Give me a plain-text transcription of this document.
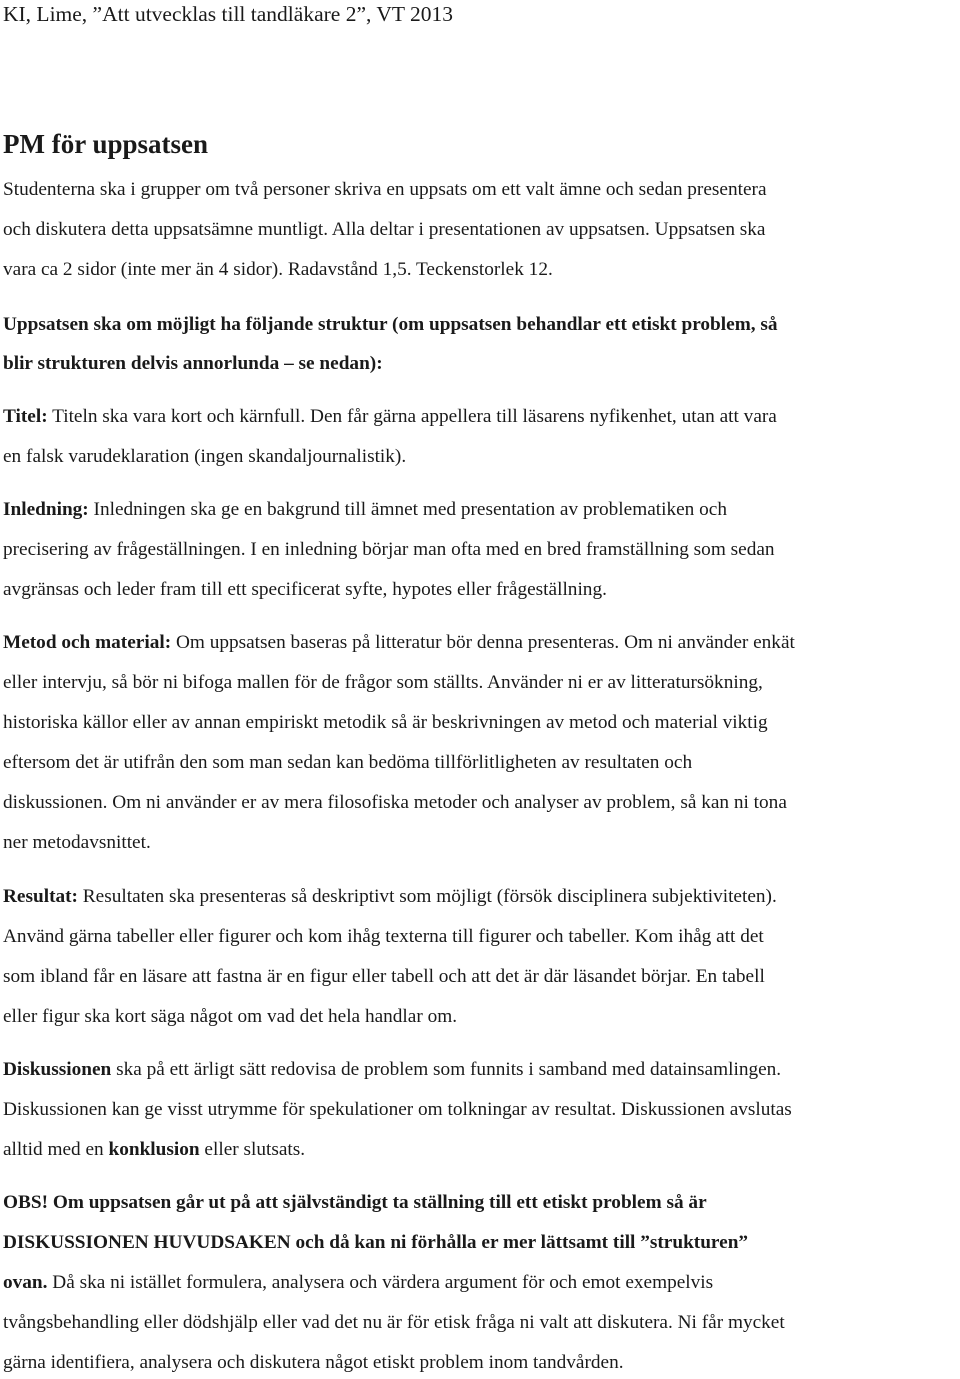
KI, Lime, ”Att utvecklas till tandläkare 2”, VT 2013
PM för uppsatsen
Studenterna ska i grupper om två personer skriva en uppsats om ett valt ämne och sedan presentera
och diskutera detta uppsatsämne muntligt. Alla deltar i presentationen av uppsatsen. Uppsatsen ska
vara ca 2 sidor (inte mer än 4 sidor). Radavstånd 1,5. Teckenstorlek 12.
Uppsatsen ska om möjligt ha följande struktur (om uppsatsen behandlar ett etiskt problem, så
blir strukturen delvis annorlunda – se nedan):
Titel: Titeln ska vara kort och kärnfull. Den får gärna appellera till läsarens nyfikenhet, utan att vara
en falsk varudeklaration (ingen skandaljournalistik).
Inledning: Inledningen ska ge en bakgrund till ämnet med presentation av problematiken och
precisering av frågeställningen. I en inledning börjar man ofta med en bred framställning som sedan
avgränsas och leder fram till ett specificerat syfte, hypotes eller frågeställning.
Metod och material: Om uppsatsen baseras på litteratur bör denna presenteras. Om ni använder enkät
eller intervju, så bör ni bifoga mallen för de frågor som ställts. Använder ni er av litteratursökning,
historiska källor eller av annan empiriskt metodik så är beskrivningen av metod och material viktig
eftersom det är utifrån den som man sedan kan bedöma tillförlitligheten av resultaten och
diskussionen. Om ni använder er av mera filosofiska metoder och analyser av problem, så kan ni tona
ner metodavsnittet.
Resultat: Resultaten ska presenteras så deskriptivt som möjligt (försök disciplinera subjektiviteten).
Använd gärna tabeller eller figurer och kom ihåg texterna till figurer och tabeller. Kom ihåg att det
som ibland får en läsare att fastna är en figur eller tabell och att det är där läsandet börjar. En tabell
eller figur ska kort säga något om vad det hela handlar om.
Diskussionen ska på ett ärligt sätt redovisa de problem som funnits i samband med datainsamlingen.
Diskussionen kan ge visst utrymme för spekulationer om tolkningar av resultat. Diskussionen avslutas
alltid med en konklusion eller slutsats.
OBS! Om uppsatsen går ut på att självständigt ta ställning till ett etiskt problem så är
DISKUSSIONEN HUVUDSAKEN och då kan ni förhålla er mer lättsamt till ”strukturen”
ovan. Då ska ni istället formulera, analysera och värdera argument för och emot exempelvis
tvångsbehandling eller dödshjälp eller vad det nu är för etisk fråga ni valt att diskutera. Ni får mycket
gärna identifiera, analysera och diskutera något etiskt problem inom tandvården.
